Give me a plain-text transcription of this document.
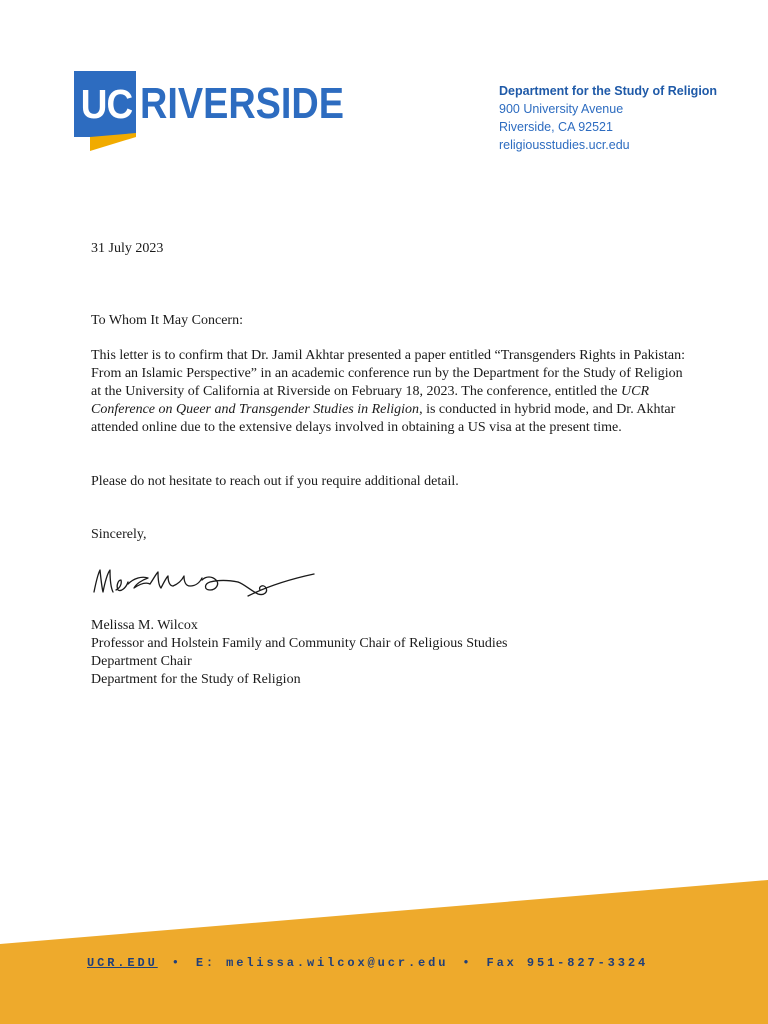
UC RIVERSIDE	Department for the Study of Religion
900 University Avenue
Riverside, CA 92521
religiousstudies.ucr.edu
31 July 2023
To Whom It May Concern:
This letter is to confirm that Dr. Jamil Akhtar presented a paper entitled “Transgenders Rights in Pakistan: From an Islamic Perspective” in an academic conference run by the Department for the Study of Religion at the University of California at Riverside on February 18, 2023. The conference, entitled the UCR Conference on Queer and Transgender Studies in Religion, is conducted in hybrid mode, and Dr. Akhtar attended online due to the extensive delays involved in obtaining a US visa at the present time.
Please do not hesitate to reach out if you require additional detail.
Sincerely,
Melissa M. Wilcox
Professor and Holstein Family and Community Chair of Religious Studies
Department Chair
Department for the Study of Religion
UCR.EDU • E: melissa.wilcox@ucr.edu • Fax 951-827-3324
